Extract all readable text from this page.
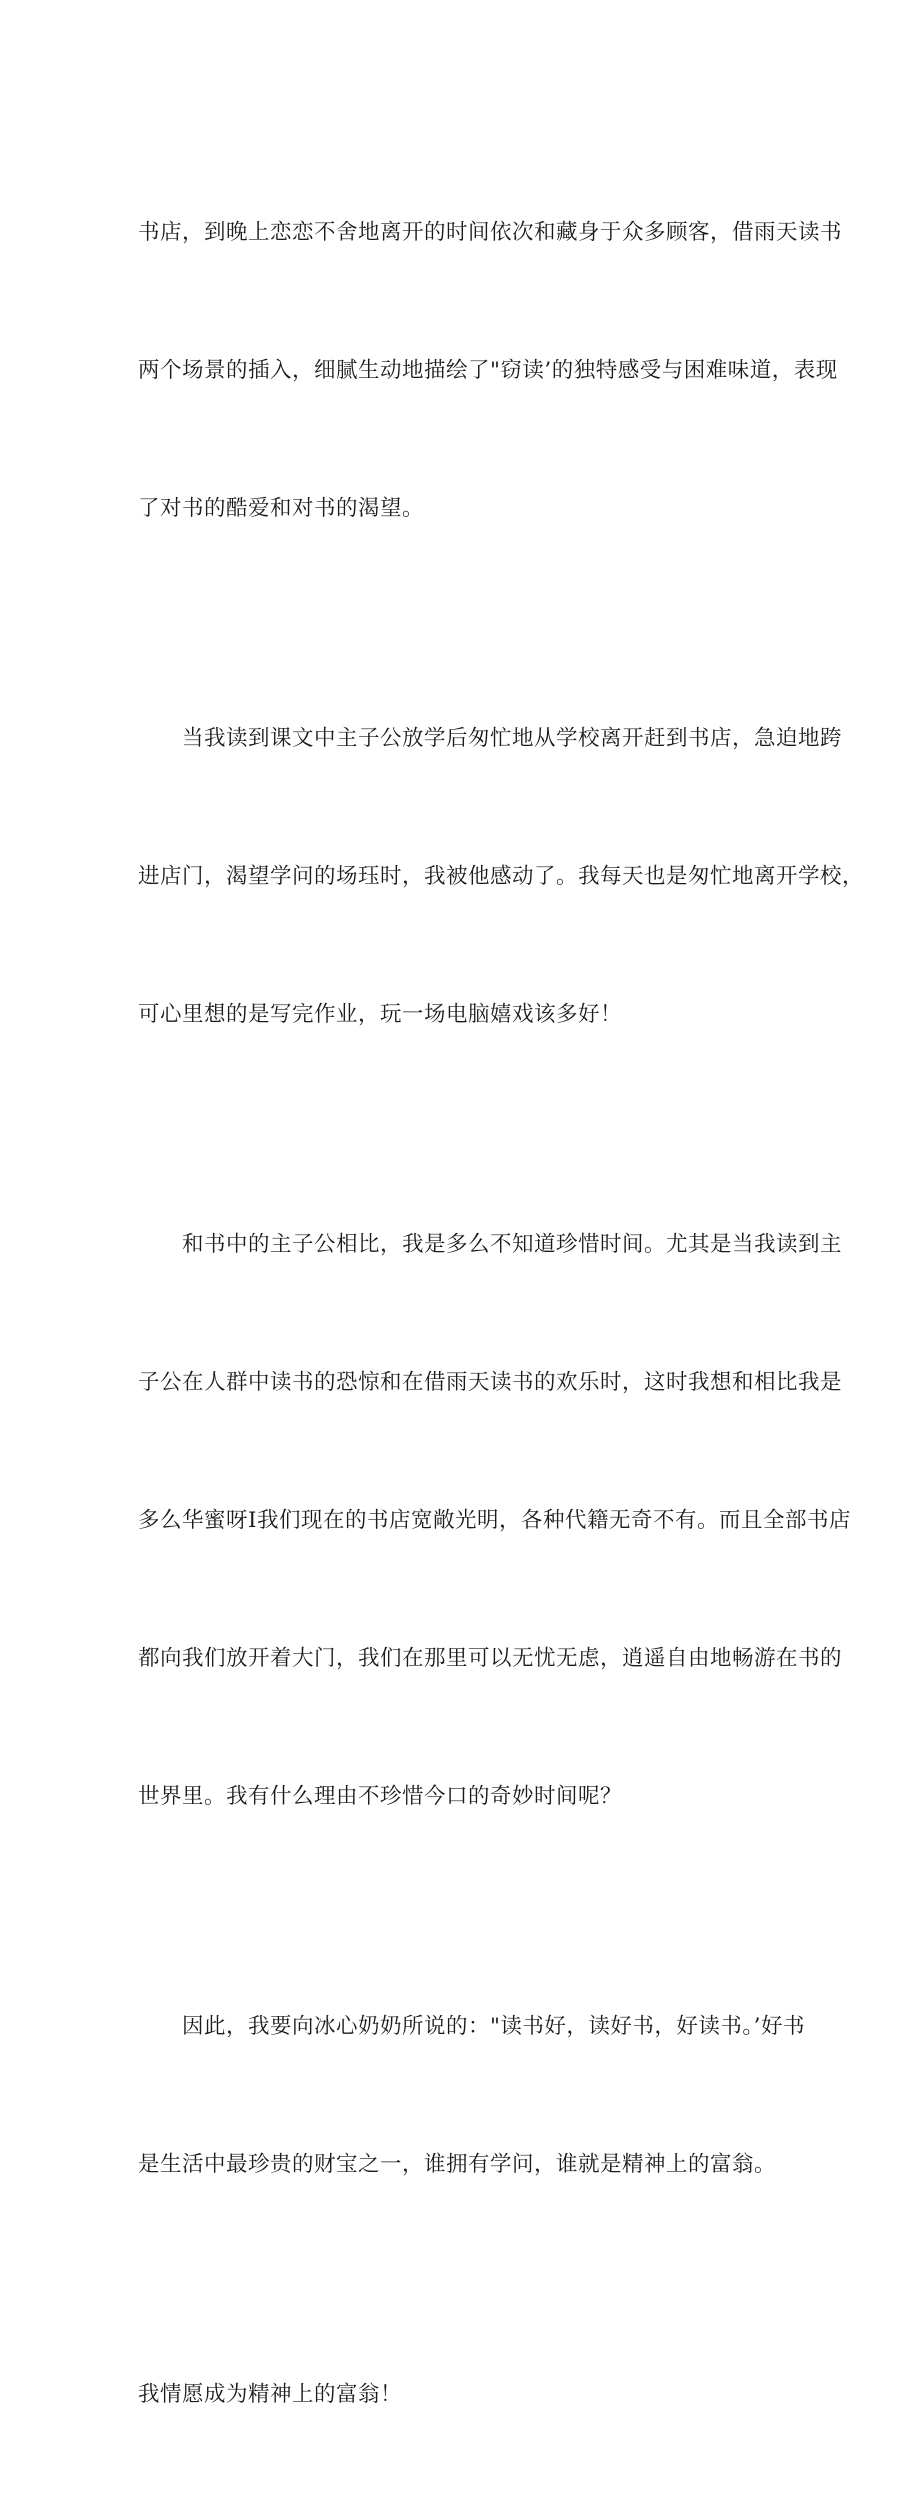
书店，到晚上恋恋不舍地离开的时间依次和藏身于众多顾客，借雨天读书

两个场景的插入，细腻生动地描绘了"窃读’的独特感受与困难味道，表现

了对书的酷爱和对书的渴望。

当我读到课文中主子公放学后匆忙地从学校离开赶到书店，急迫地跨

进店门，渴望学问的场珏时，我被他感动了。我每天也是匆忙地离开学校，

可心里想的是写完作业，玩一场电脑嬉戏该多好！

和书中的主子公相比，我是多么不知道珍惜时间。尤其是当我读到主

子公在人群中读书的恐惊和在借雨天读书的欢乐时，这时我想和相比我是

多么华蜜呀I我们现在的书店宽敞光明，各种代籍无奇不有。而且全部书店

都向我们放开着大门，我们在那里可以无忧无虑，逍遥自由地畅游在书的

世界里。我有什么理由不珍惜今口的奇妙时间呢？

因此，我要向冰心奶奶所说的："读书好，读好书，好读书。’好书

是生活中最珍贵的财宝之一，谁拥有学问，谁就是精神上的富翁。

我情愿成为精神上的富翁！
